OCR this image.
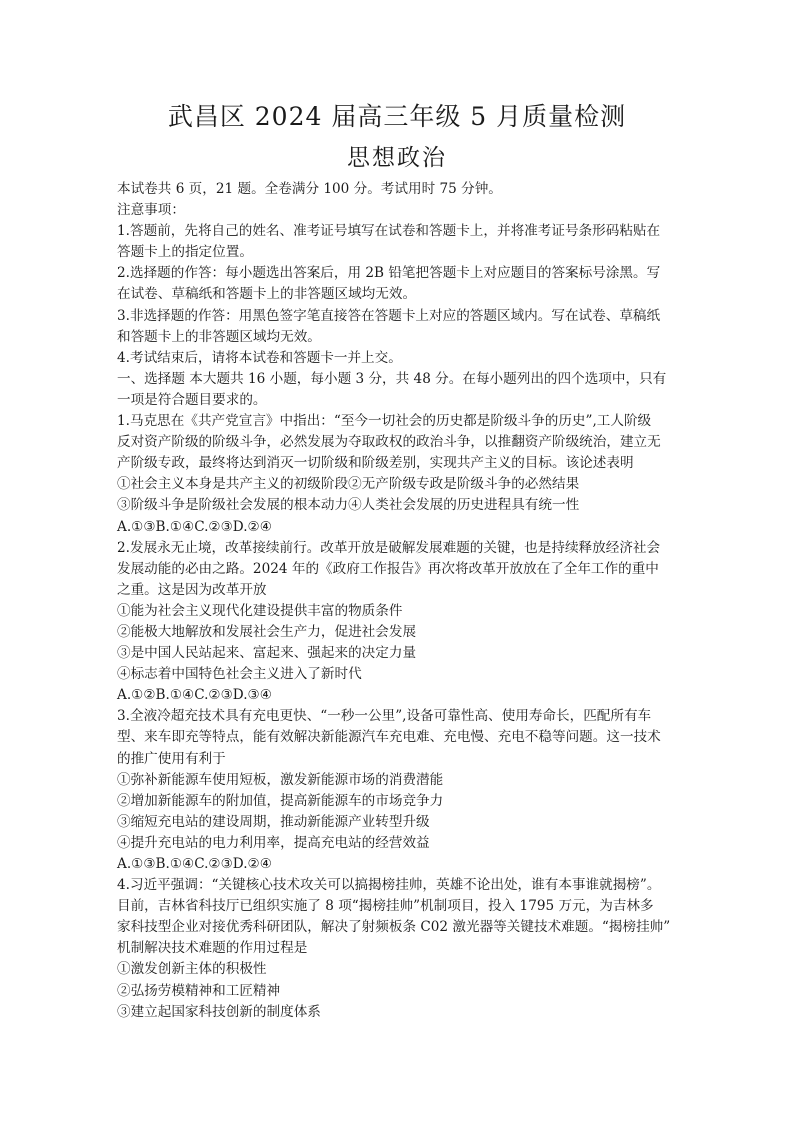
武昌区 2024 届高三年级 5 月质量检测
思想政治

本试卷共 6 页，21 题。全卷满分 100 分。考试用时 75 分钟。

注意事项：

1.答题前，先将自己的姓名、准考证号填写在试卷和答题卡上，并将准考证号条形码粘贴在

答题卡上的指定位置。

2.选择题的作答：每小题选出答案后，用 2B 铅笔把答题卡上对应题目的答案标号涂黑。写

在试卷、草稿纸和答题卡上的非答题区域均无效。

3.非选择题的作答：用黑色签字笔直接答在答题卡上对应的答题区域内。写在试卷、草稿纸

和答题卡上的非答题区域均无效。

4.考试结束后，请将本试卷和答题卡一并上交。

一、选择题 本大题共 16 小题，每小题 3 分，共 48 分。在每小题列出的四个选项中，只有

一项是符合题目要求的。

1.马克思在《共产党宣言》中指出：“至今一切社会的历史都是阶级斗争的历史”,工人阶级

反对资产阶级的阶级斗争，必然发展为夺取政权的政治斗争，以推翻资产阶级统治，建立无

产阶级专政，最终将达到消灭一切阶级和阶级差别，实现共产主义的目标。该论述表明

①社会主义本身是共产主义的初级阶段②无产阶级专政是阶级斗争的必然结果

③阶级斗争是阶级社会发展的根本动力④人类社会发展的历史进程具有统一性

A.①③B.①④C.②③D.②④

2.发展永无止境，改革接续前行。改革开放是破解发展难题的关键，也是持续释放经济社会

发展动能的必由之路。2024 年的《政府工作报告》再次将改革开放放在了全年工作的重中

之重。这是因为改革开放

①能为社会主义现代化建设提供丰富的物质条件

②能极大地解放和发展社会生产力，促进社会发展

③是中国人民站起来、富起来、强起来的决定力量

④标志着中国特色社会主义进入了新时代

A.①②B.①④C.②③D.③④

3.全液冷超充技术具有充电更快、“一秒一公里”,设备可靠性高、使用寿命长，匹配所有车

型、来车即充等特点，能有效解决新能源汽车充电难、充电慢、充电不稳等问题。这一技术

的推广使用有利于

①弥补新能源车使用短板，激发新能源市场的消费潜能

②增加新能源车的附加值，提高新能源车的市场竞争力

③缩短充电站的建设周期，推动新能源产业转型升级

④提升充电站的电力利用率，提高充电站的经营效益

A.①③B.①④C.②③D.②④

4.习近平强调：“关键核心技术攻关可以搞揭榜挂帅，英雄不论出处，谁有本事谁就揭榜”。

目前，吉林省科技厅已组织实施了 8 项“揭榜挂帅”机制项目，投入 1795 万元，为吉林多

家科技型企业对接优秀科研团队，解决了射频板条 C02 激光器等关键技术难题。“揭榜挂帅”

机制解决技术难题的作用过程是

①激发创新主体的积极性

②弘扬劳模精神和工匠精神

③建立起国家科技创新的制度体系
